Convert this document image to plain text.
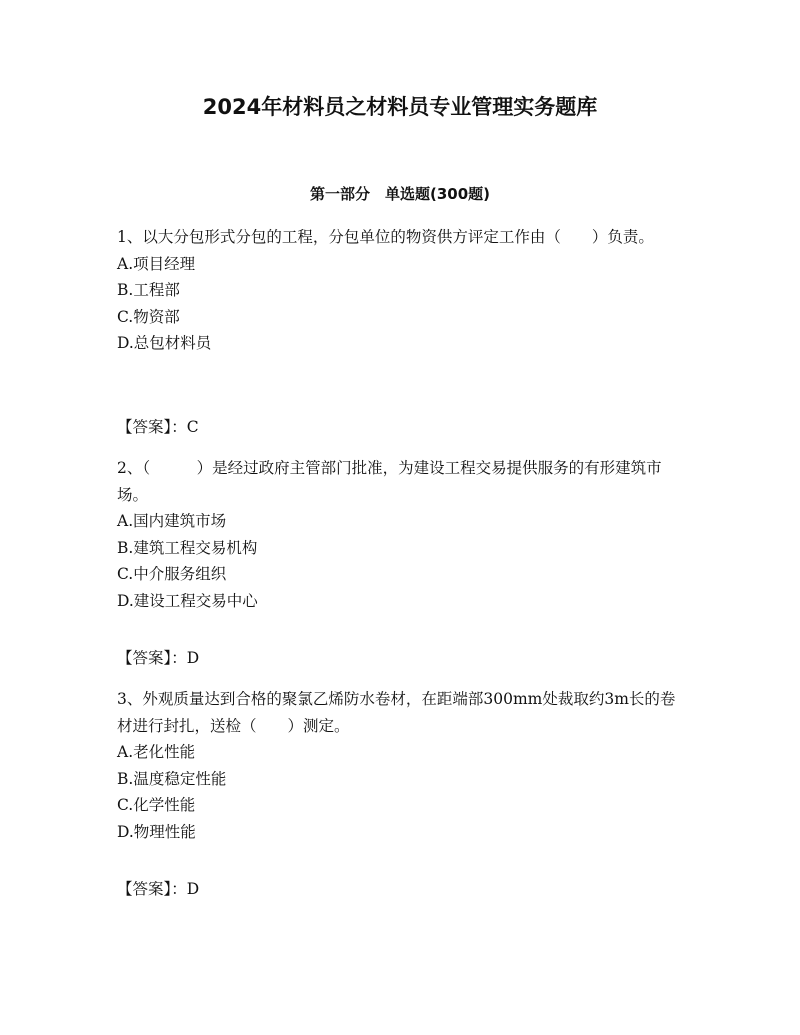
2024年材料员之材料员专业管理实务题库
第一部分　单选题(300题)

1、以大分包形式分包的工程，分包单位的物资供方评定工作由（　　）负责。

A.项目经理
B.工程部
C.物资部
D.总包材料员
【答案】：C

2、（　　　）是经过政府主管部门批准，为建设工程交易提供服务的有形建筑市场。

A.国内建筑市场
B.建筑工程交易机构
C.中介服务组织
D.建设工程交易中心
【答案】：D

3、外观质量达到合格的聚氯乙烯防水卷材，在距端部300mm处裁取约3m长的卷材进行封扎，送检（　　）测定。

A.老化性能
B.温度稳定性能
C.化学性能
D.物理性能
【答案】：D
